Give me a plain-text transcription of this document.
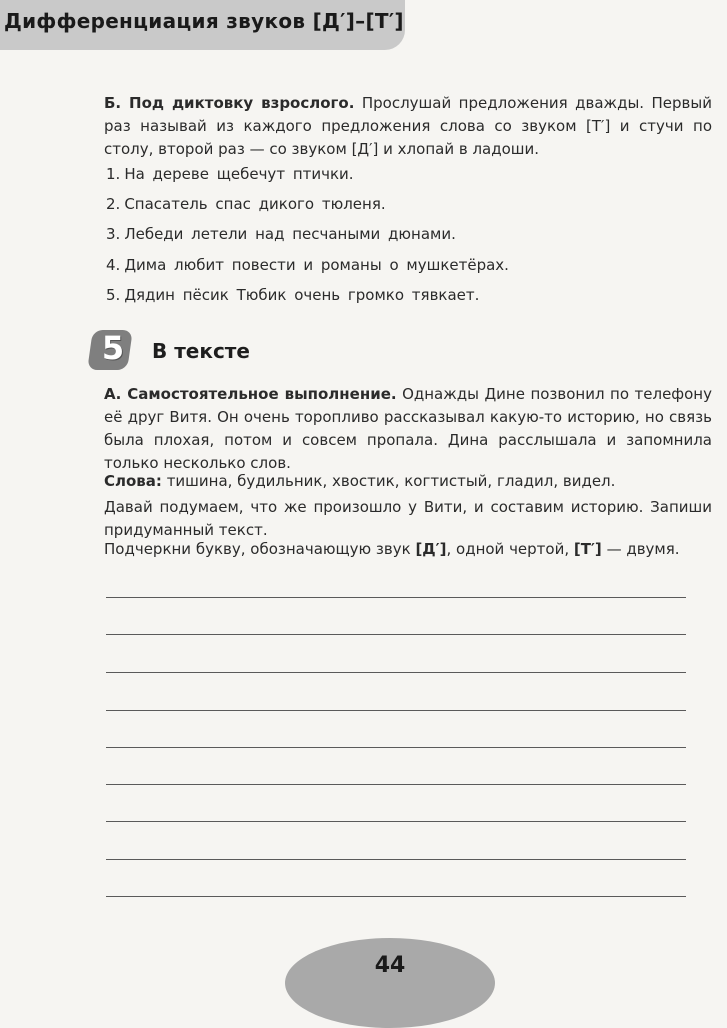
Дифференциация звуков [Д′]–[Т′]

Б. Под диктовку взрослого. Прослушай предложения дважды. Первый раз называй из каждого предложения слова со звуком [Т′] и стучи по столу, второй раз — со звуком [Д′] и хлопай в ладоши.

1. На дереве щебечут птички.
2. Спасатель спас дикого тюленя.
3. Лебеди летели над песчаными дюнами.
4. Дима любит повести и романы о мушкетёрах.
5. Дядин пёсик Тюбик очень громко тявкает.
5 В тексте

А. Самостоятельное выполнение. Однажды Дине позвонил по телефону её друг Витя. Он очень торопливо рассказывал какую-то историю, но связь была плохая, потом и совсем пропала. Дина расслышала и запомнила только несколько слов.

Слова: тишина, будильник, хвостик, когтистый, гладил, видел.

Давай подумаем, что же произошло у Вити, и составим историю. Запиши придуманный текст.

Подчеркни букву, обозначающую звук [Д′], одной чертой, [Т′] — двумя.

44
